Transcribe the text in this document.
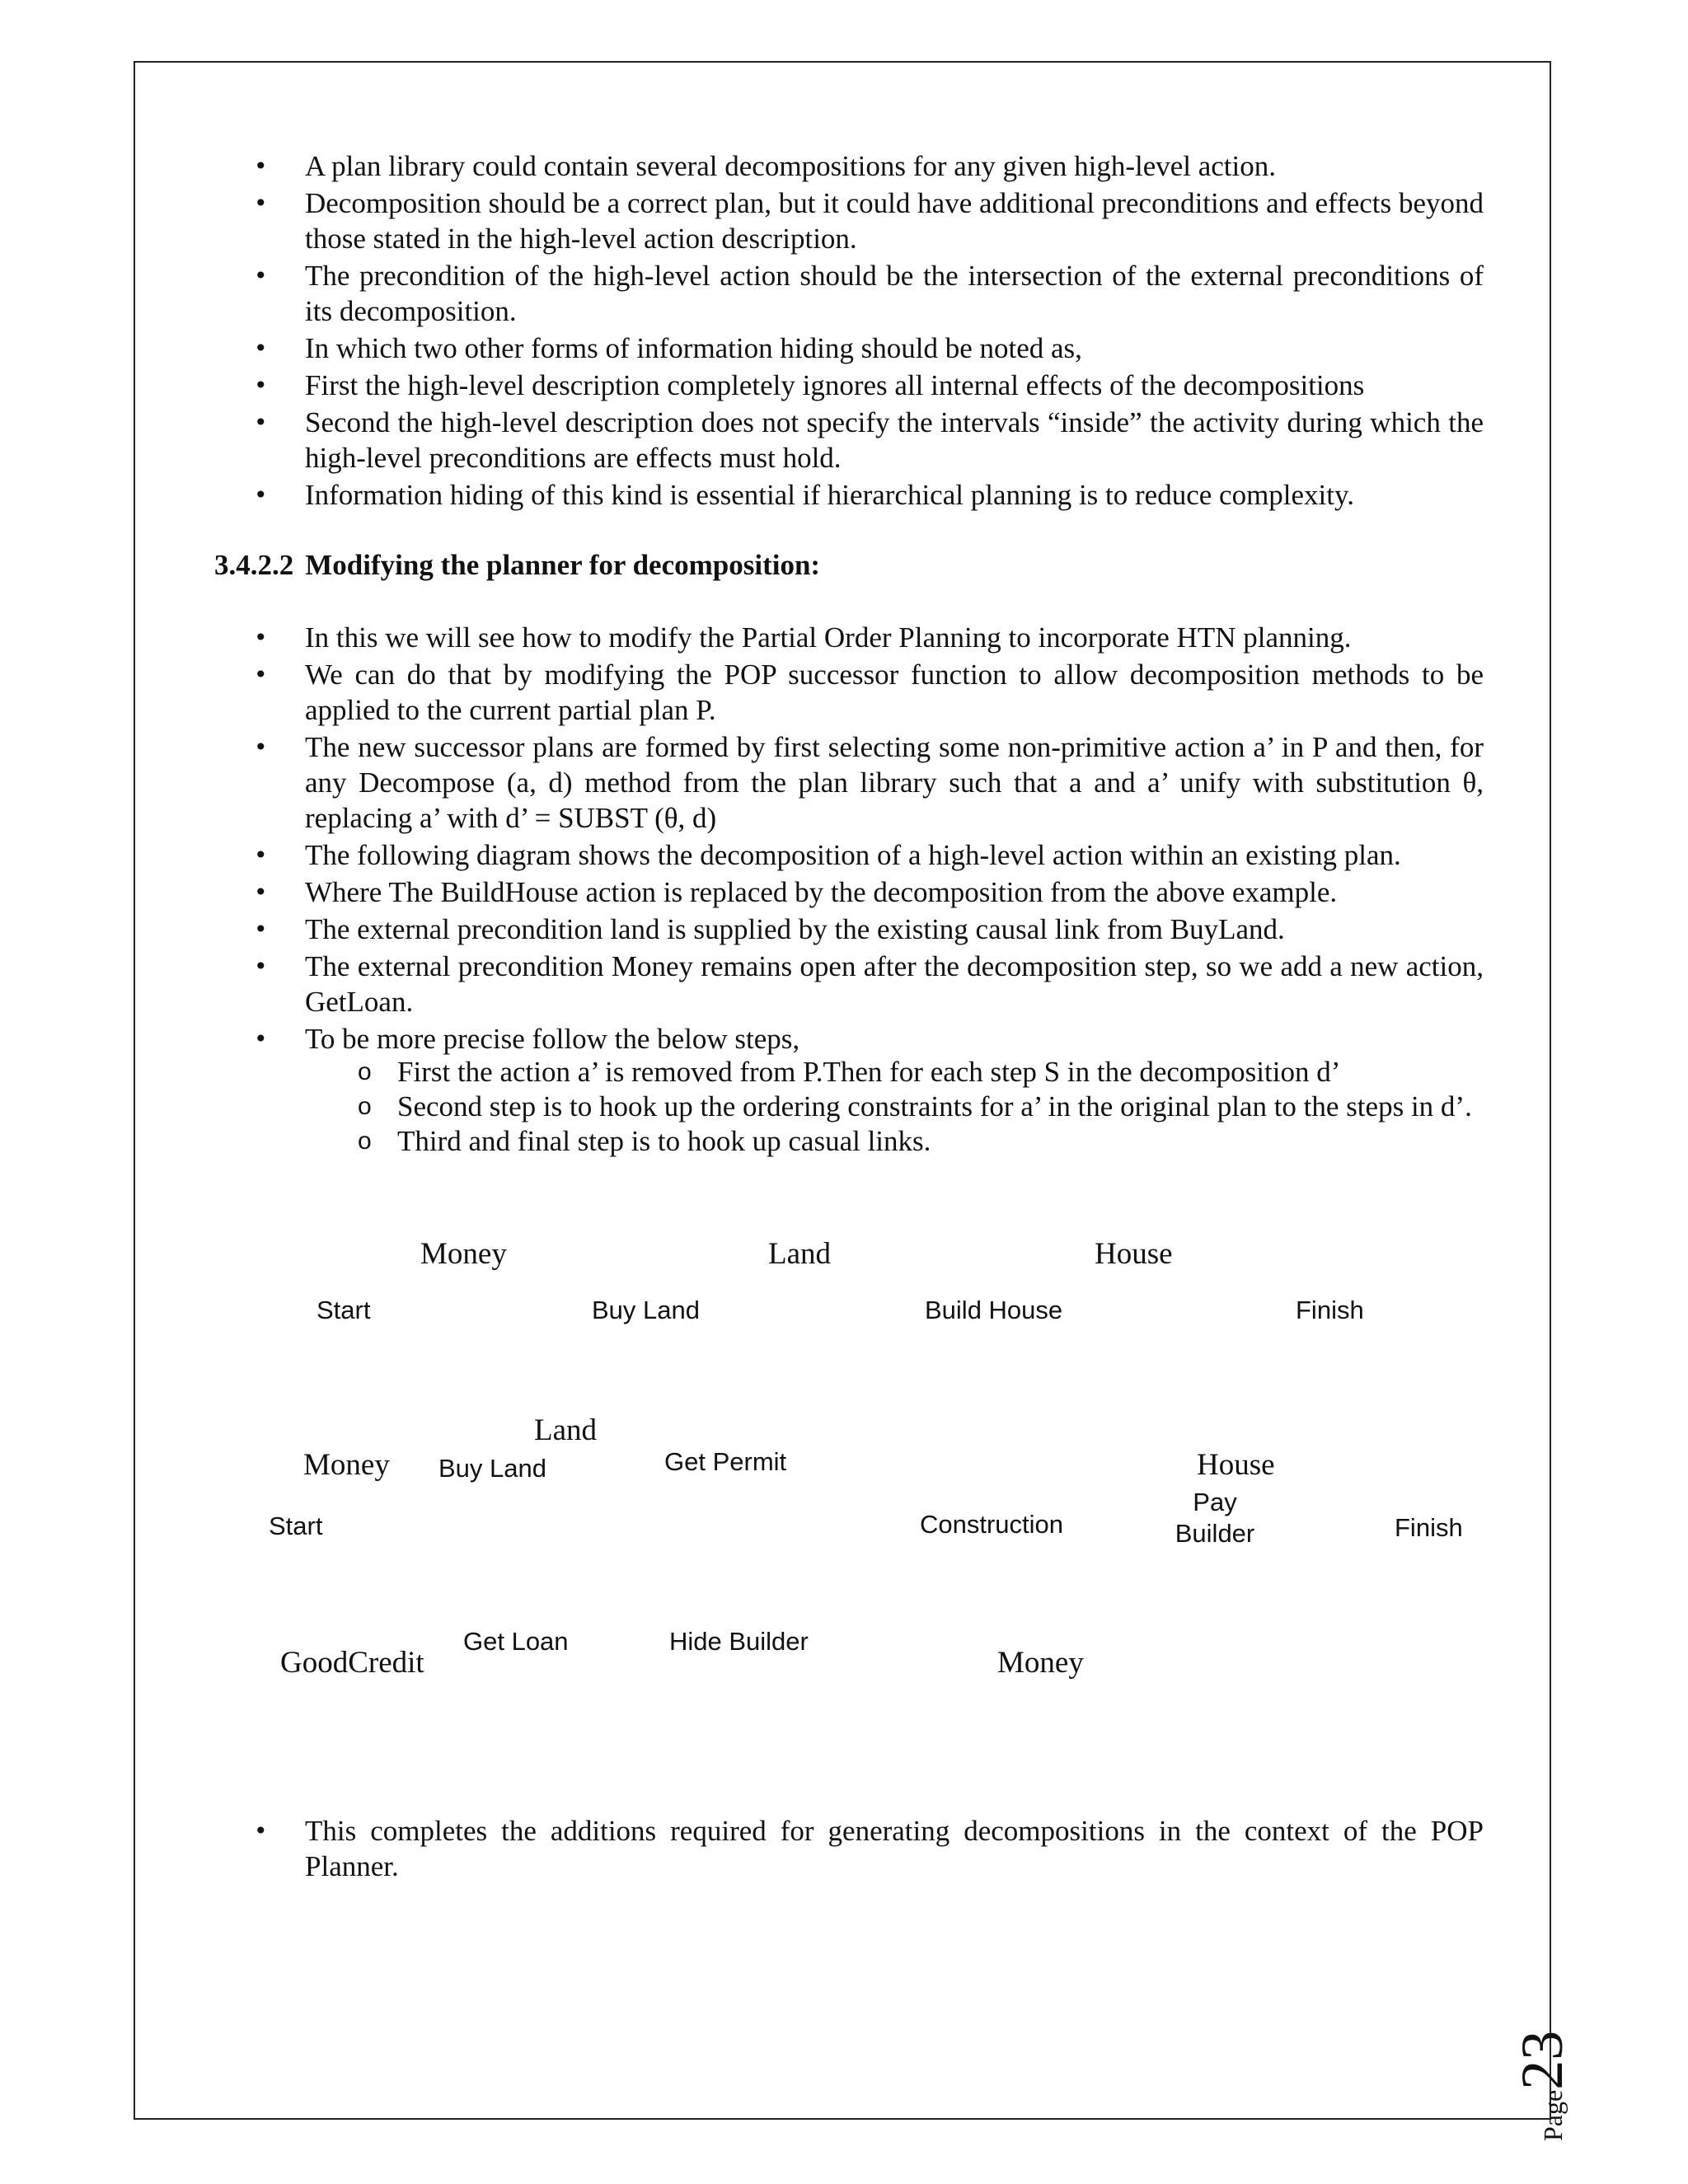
• A plan library could contain several decompositions for any given high-level action.
• Decomposition should be a correct plan, but it could have additional preconditions and effects beyond those stated in the high-level action description.
• The precondition of the high-level action should be the intersection of the external preconditions of its decomposition.
• In which two other forms of information hiding should be noted as,
• First the high-level description completely ignores all internal effects of the decompositions
• Second the high-level description does not specify the intervals “inside” the activity during which the high-level preconditions are effects must hold.
• Information hiding of this kind is essential if hierarchical planning is to reduce complexity.
3.4.2.2 Modifying the planner for decomposition:
• In this we will see how to modify the Partial Order Planning to incorporate HTN planning.
• We can do that by modifying the POP successor function to allow decomposition methods to be applied to the current partial plan P.
• The new successor plans are formed by first selecting some non-primitive action a’ in P and then, for any Decompose (a, d) method from the plan library such that a and a’ unify with substitution θ, replacing a’ with d’ = SUBST (θ, d)
• The following diagram shows the decomposition of a high-level action within an existing plan.
• Where The BuildHouse action is replaced by the decomposition from the above example.
• The external precondition land is supplied by the existing causal link from BuyLand.
• The external precondition Money remains open after the decomposition step, so we add a new action, GetLoan.
• To be more precise follow the below steps,
o First the action a’ is removed from P.Then for each step S in the decomposition d’
o Second step is to hook up the ordering constraints for a’ in the original plan to the steps in d’.
o Third and final step is to hook up casual links.
Money	Land	House
Start	Buy Land	Build House	Finish
Land
Money Buy Land	Get Permit	House
Start	Construction
Pay
Builder	Finish
Get Loan	Hide Builder
GoodCredit	Money
• This completes the additions required for generating decompositions in the context of the POP Planner.
Page23
